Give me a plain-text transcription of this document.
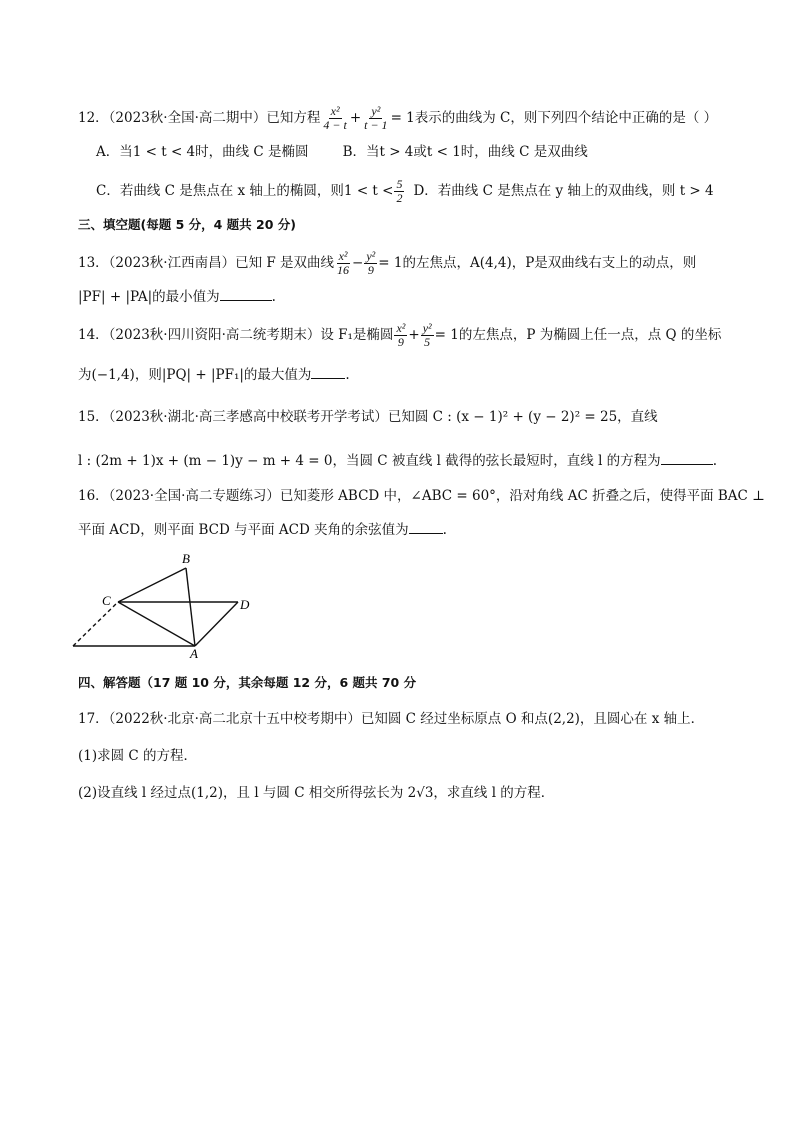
12．（2023秋·全国·高二期中）已知方程 $\frac{\text{x²}}{4 - t} + \frac{\text{y²}}{t - 1} = 1$表示的曲线为 C，则下列四个结论中正确的是（ ）
A．当1 < t < 4时，曲线 C 是椭圆	B．当t > 4或t < 1时，曲线 C 是双曲线
C．若曲线 C 是焦点在 x 轴上的椭圆，则$1 < t < \frac{5}{2}$ D．若曲线 C 是焦点在 y 轴上的双曲线，则 t > 4
三、填空题(每题 5 分，4 题共 20 分)
13．（2023秋·江西南昌）已知 F 是双曲线 $\frac{\text{x²}}{16} - \frac{\text{y²}}{9} = 1$的左焦点，A(4,4)，P是双曲线右支上的动点，则
|PF| + |PA|的最小值为	.
14．（2023秋·四川资阳·高二统考期末）设 F₁是椭圆 $\frac{\text{x²}}{9} + \frac{\text{y²}}{5} = 1$的左焦点，P 为椭圆上任一点，点 Q 的坐标
为(−1,4)，则|PQ| + |PF₁|的最大值为	.
15．（2023秋·湖北·高三孝感高中校联考开学考试）已知圆 C : (x − 1)² + (y − 2)² = 25，直线
l : (2m + 1)x + (m − 1)y − m + 4 = 0，当圆 C 被直线 l 截得的弦长最短时，直线 l 的方程为	.
16．（2023·全国·高二专题练习）已知菱形 ABCD 中，∠ABC = 60°，沿对角线 AC 折叠之后，使得平面 BAC ⊥
平面 ACD，则平面 BCD 与平面 ACD 夹角的余弦值为	.
B
C	D
A
四、解答题（17 题 10 分，其余每题 12 分，6 题共 70 分
17．（2022秋·北京·高二北京十五中校考期中）已知圆 C 经过坐标原点 O 和点(2,2)，且圆心在 x 轴上．
(1)求圆 C 的方程．
(2)设直线 l 经过点(1,2)，且 l 与圆 C 相交所得弦长为 2√3，求直线 l 的方程．
